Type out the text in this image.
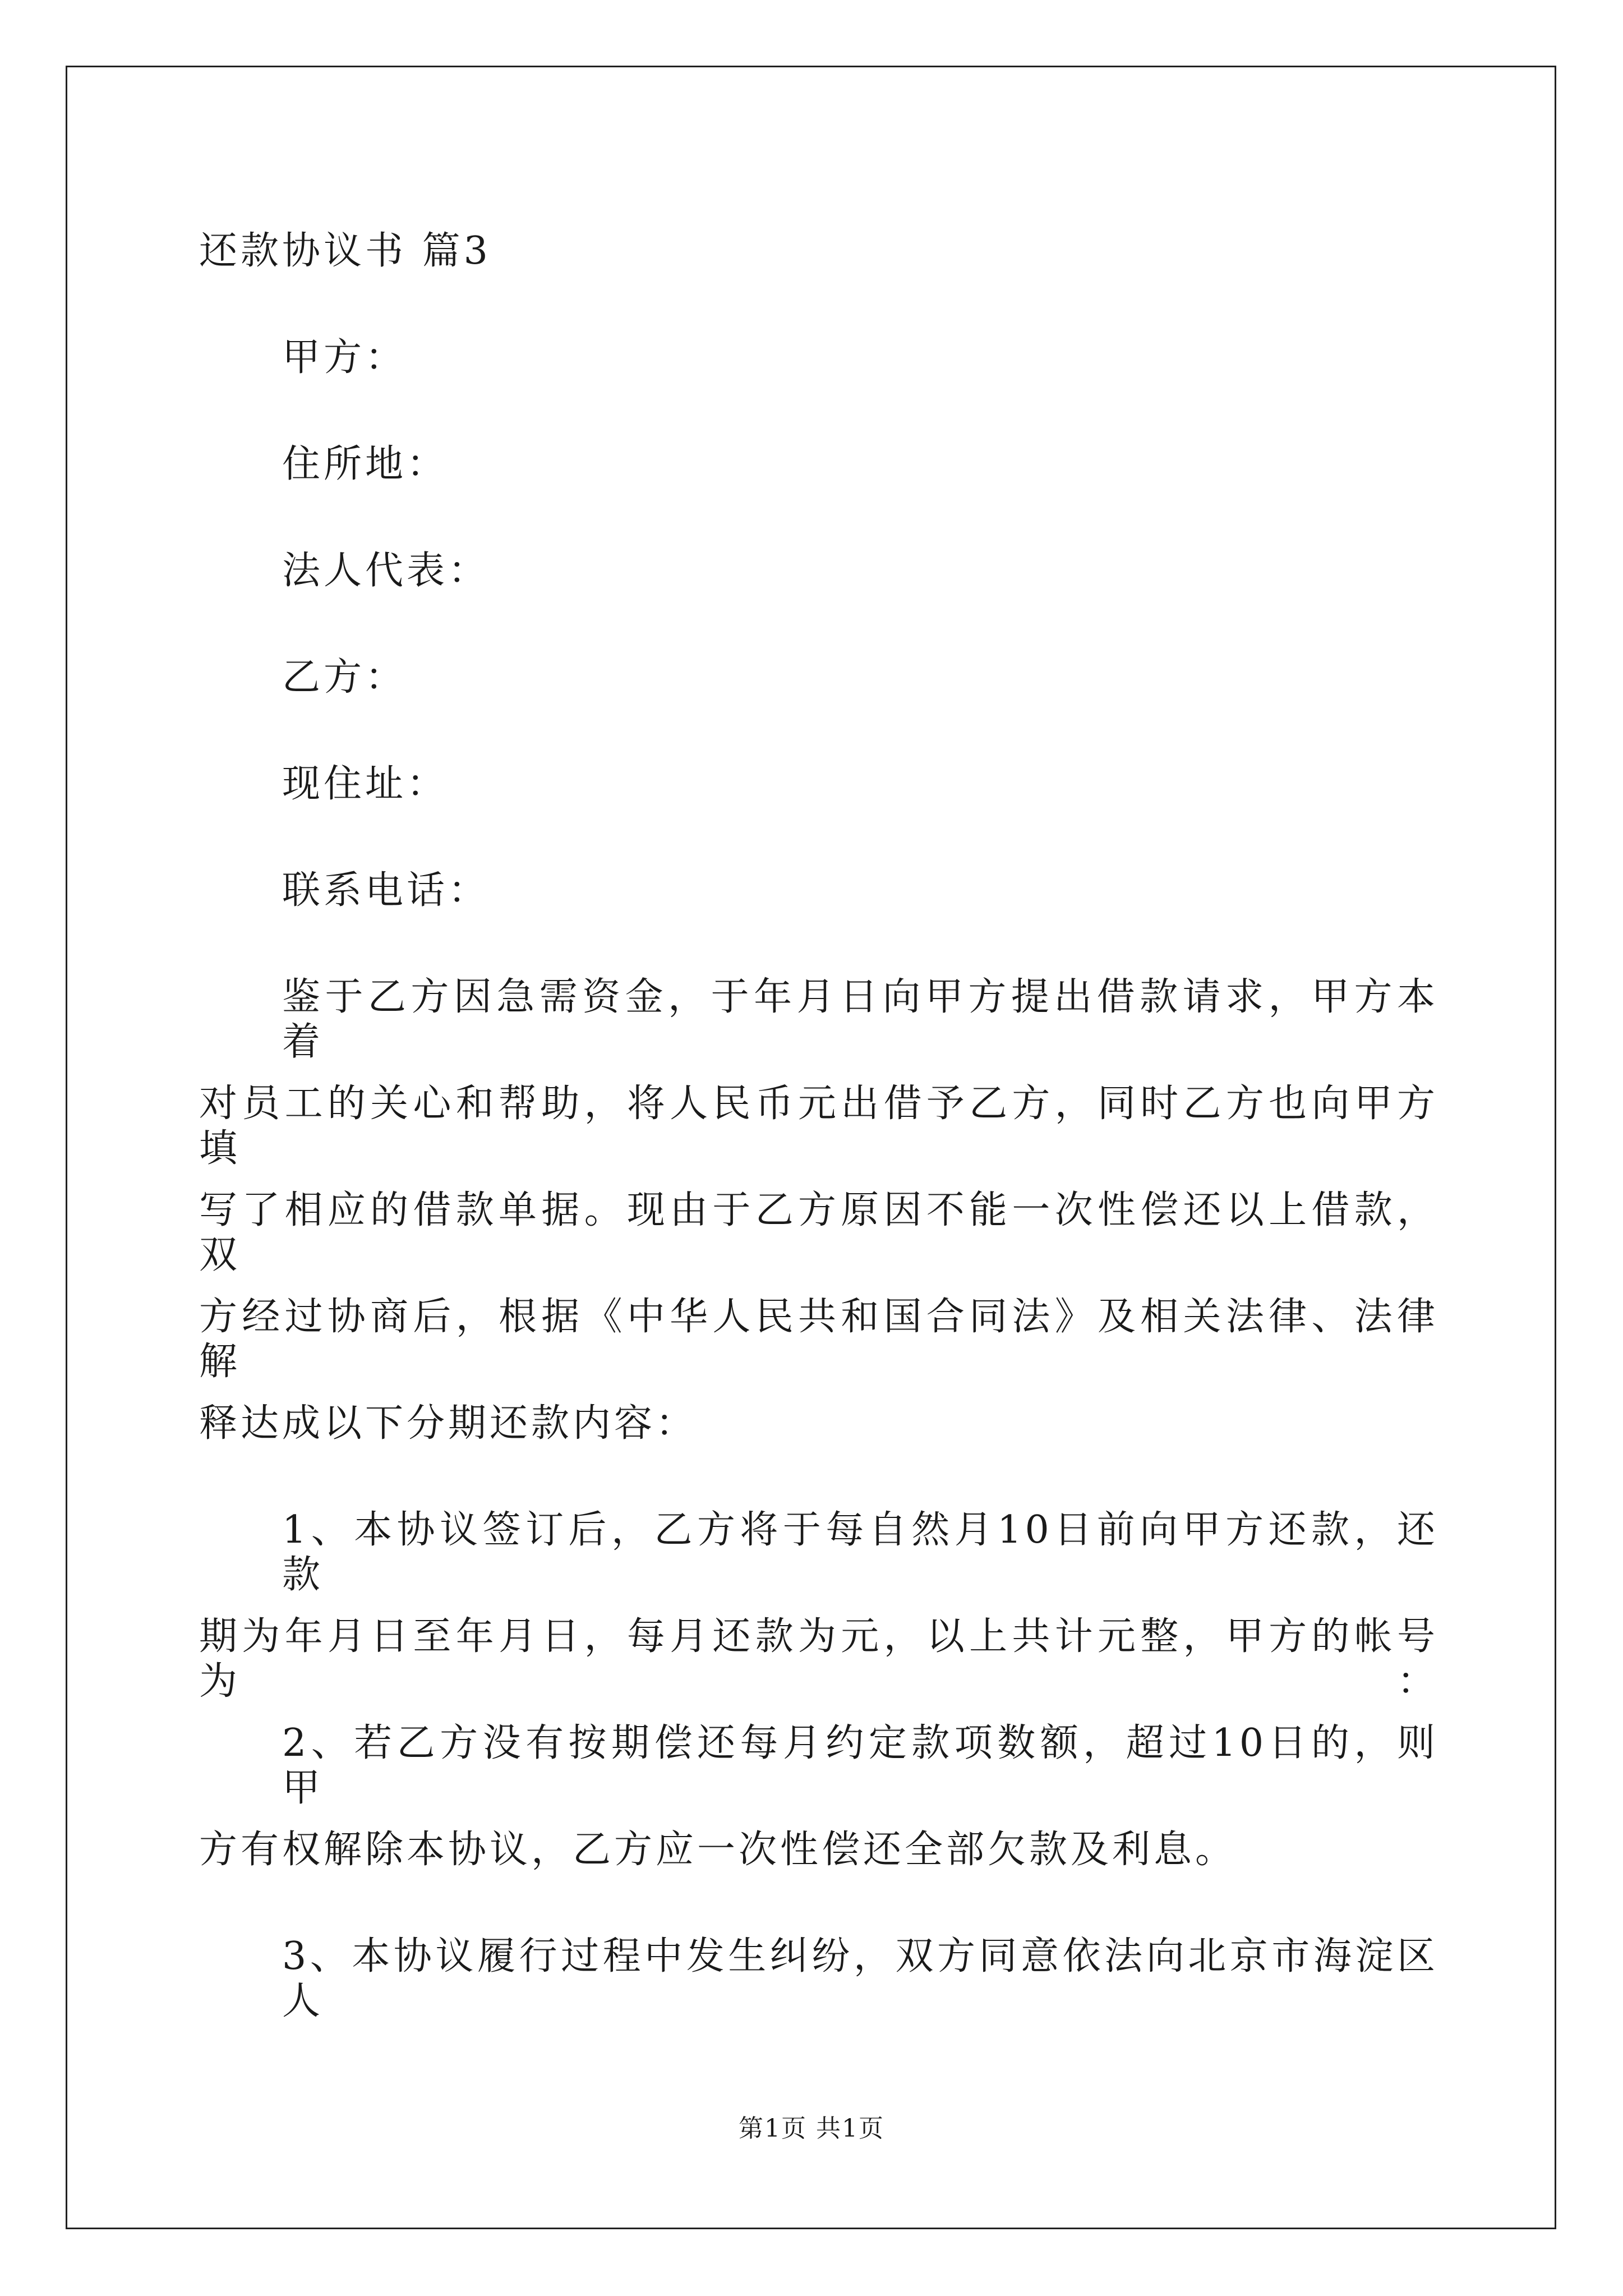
还款协议书 篇3
甲方：
住所地：
法人代表：
乙方：
现住址：
联系电话：
鉴于乙方因急需资金，于年月日向甲方提出借款请求，甲方本着
对员工的关心和帮助，将人民币元出借予乙方，同时乙方也向甲方填
写了相应的借款单据。现由于乙方原因不能一次性偿还以上借款，双
方经过协商后，根据《中华人民共和国合同法》及相关法律、法律解
释达成以下分期还款内容：
1、本协议签订后，乙方将于每自然月10日前向甲方还款，还款
期为年月日至年月日，每月还款为元，以上共计元整，甲方的帐号为：
2、若乙方没有按期偿还每月约定款项数额，超过10日的，则甲
方有权解除本协议，乙方应一次性偿还全部欠款及利息。
3、本协议履行过程中发生纠纷，双方同意依法向北京市海淀区人
第1页 共1页
